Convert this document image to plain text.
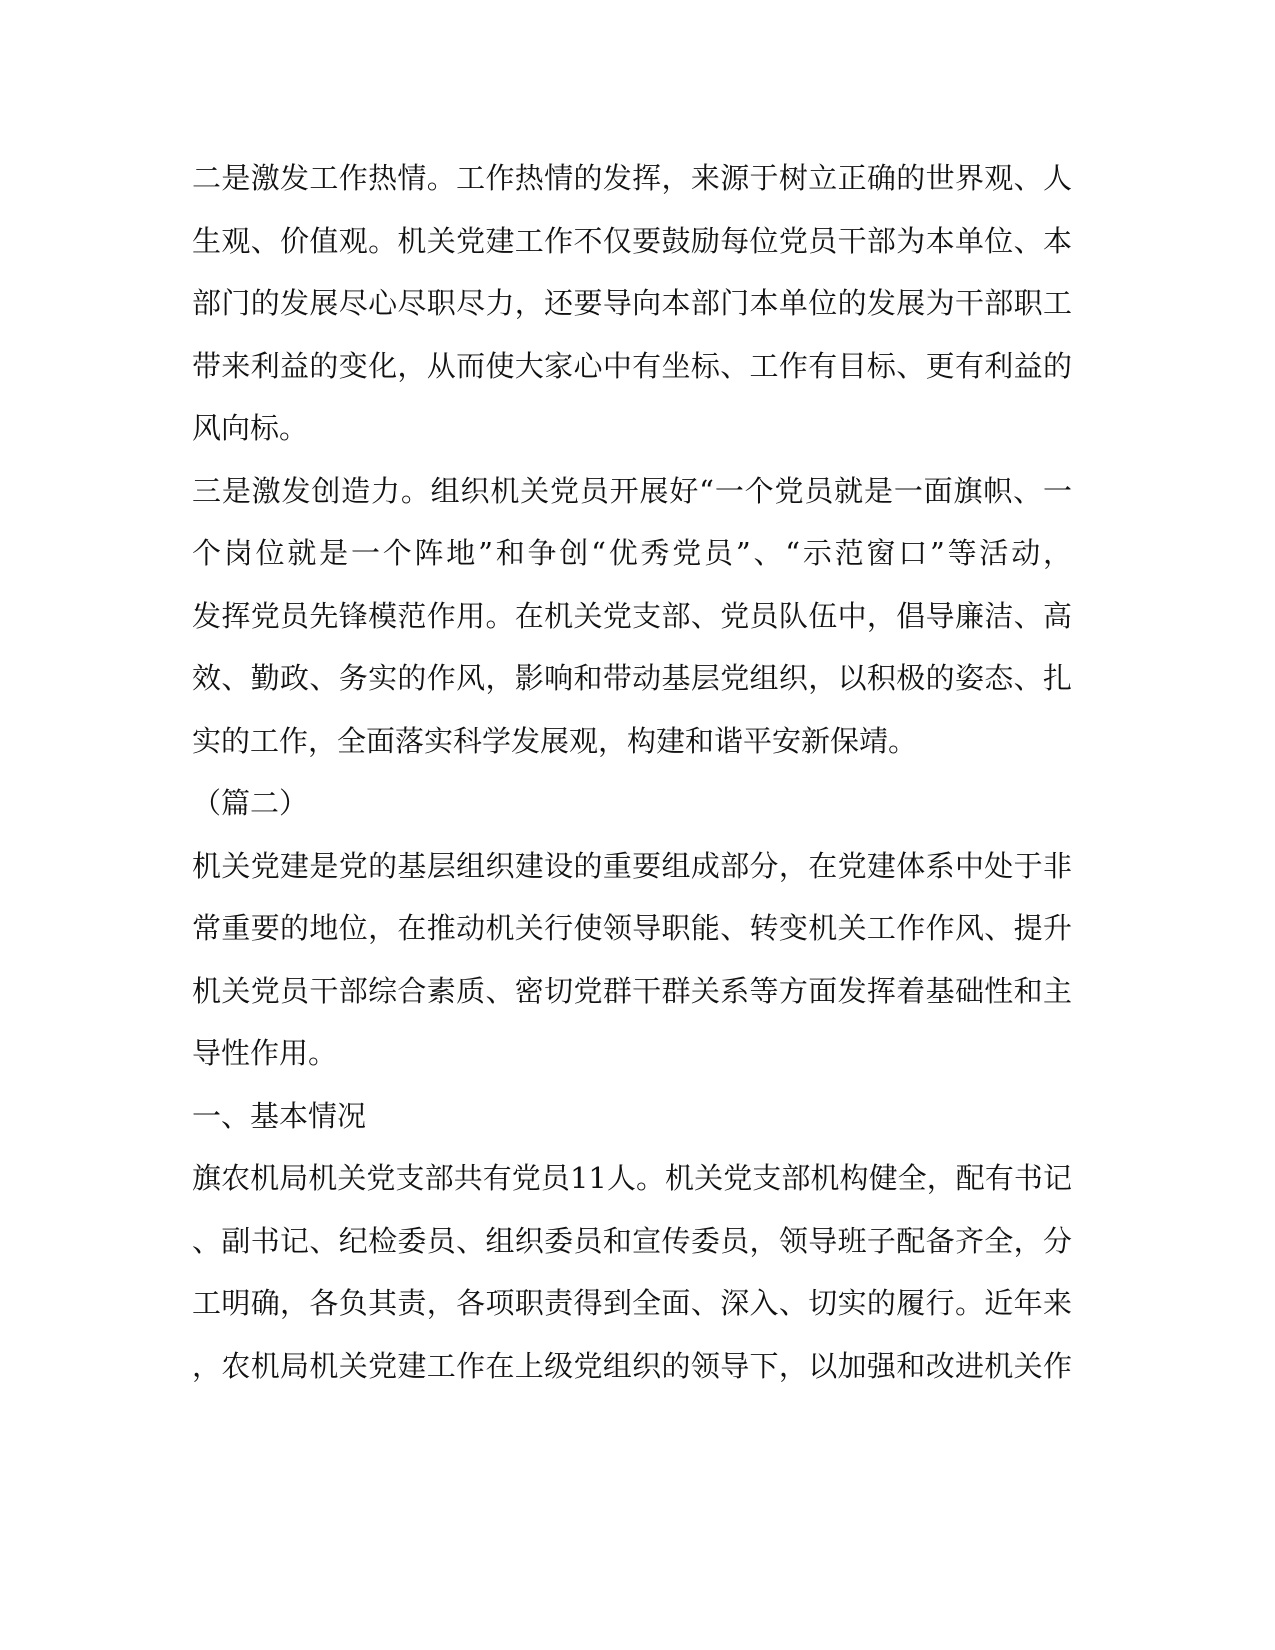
二是激发工作热情。工作热情的发挥，来源于树立正确的世界观、人
生观、价值观。机关党建工作不仅要鼓励每位党员干部为本单位、本
部门的发展尽心尽职尽力，还要导向本部门本单位的发展为干部职工
带来利益的变化，从而使大家心中有坐标、工作有目标、更有利益的
风向标。
三是激发创造力。组织机关党员开展好“一个党员就是一面旗帜、一
个岗位就是一个阵地”和争创“优秀党员”、“示范窗口”等活动，
发挥党员先锋模范作用。在机关党支部、党员队伍中，倡导廉洁、高
效、勤政、务实的作风，影响和带动基层党组织，以积极的姿态、扎
实的工作，全面落实科学发展观，构建和谐平安新保靖。
（篇二）
机关党建是党的基层组织建设的重要组成部分，在党建体系中处于非
常重要的地位，在推动机关行使领导职能、转变机关工作作风、提升
机关党员干部综合素质、密切党群干群关系等方面发挥着基础性和主
导性作用。
一、基本情况
旗农机局机关党支部共有党员11人。机关党支部机构健全，配有书记
、副书记、纪检委员、组织委员和宣传委员，领导班子配备齐全，分
工明确，各负其责，各项职责得到全面、深入、切实的履行。近年来
，农机局机关党建工作在上级党组织的领导下，以加强和改进机关作
